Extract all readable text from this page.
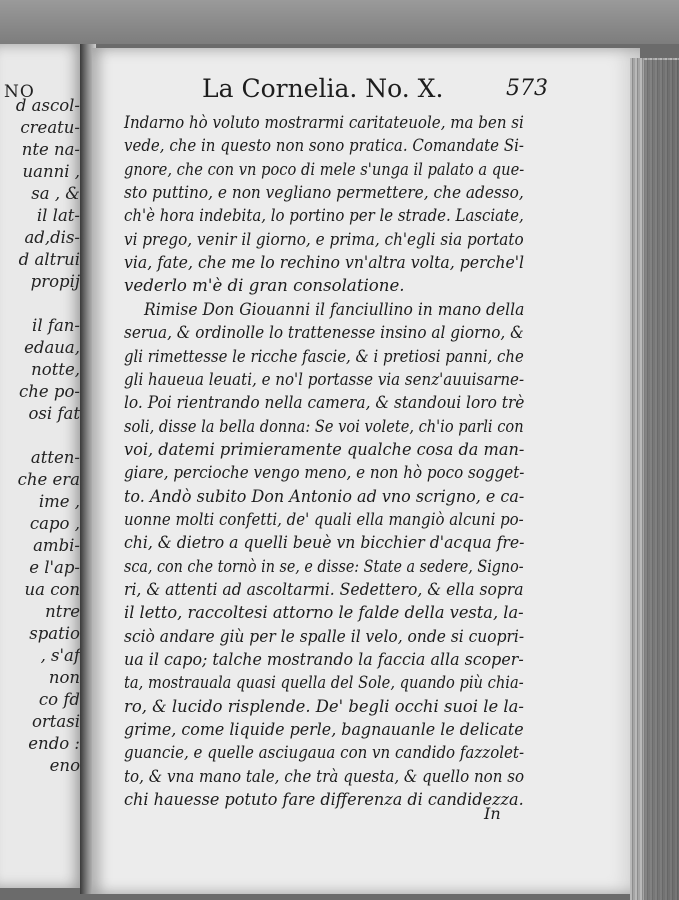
NO
d ascol-
creatu-
nte na-
uanni ,
sa , &
il lat-
ad,dis-
d altrui
propij
il fan-
edaua,
notte,
che po-
osi fat
atten-
che era
ime ,
capo ,
ambi-
e l'ap-
ua con
ntre
spatio
, s'af
non
co fd
ortasi
endo :
eno
La Cornelia. No. X.	573
Indarno hò voluto mostrarmi caritateuole, ma ben si
vede, che in questo non sono pratica. Comandate Si-
gnore, che con vn poco di mele s'unga il palato a que-
sto puttino, e non vegliano permettere, che adesso,
ch'è hora indebita, lo portino per le strade. Lasciate,
vi prego, venir il giorno, e prima, ch'egli sia portato
via, fate, che me lo rechino vn'altra volta, perche'l
vederlo m'è di gran consolatione.
Rimise Don Giouanni il fanciullino in mano della
serua, & ordinolle lo trattenesse insino al giorno, &
gli rimettesse le ricche fascie, & i pretiosi panni, che
gli haueua leuati, e no'l portasse via senz'auuisarne-
lo. Poi rientrando nella camera, & standoui loro trè
soli, disse la bella donna: Se voi volete, ch'io parli con
voi, datemi primieramente qualche cosa da man-
giare, percioche vengo meno, e non hò poco sogget-
to. Andò subito Don Antonio ad vno scrigno, e ca-
uonne molti confetti, de' quali ella mangiò alcuni po-
chi, & dietro a quelli beuè vn bicchier d'acqua fre-
sca, con che tornò in se, e disse: State a sedere, Signo-
ri, & attenti ad ascoltarmi. Sedettero, & ella sopra
il letto, raccoltesi attorno le falde della vesta, la-
sciò andare giù per le spalle il velo, onde si cuopri-
ua il capo; talche mostrando la faccia alla scoper-
ta, mostraualа quasi quella del Sole, quando più chia-
ro, & lucido risplende. De' begli occhi suoi le la-
grime, come liquide perle, bagnauanle le delicate
guancie, e quelle asciugaua con vn candido fazzolet-
to, & vna mano tale, che trà questa, & quello non so
chi hauesse potuto fare differenza di candidezza.
In
